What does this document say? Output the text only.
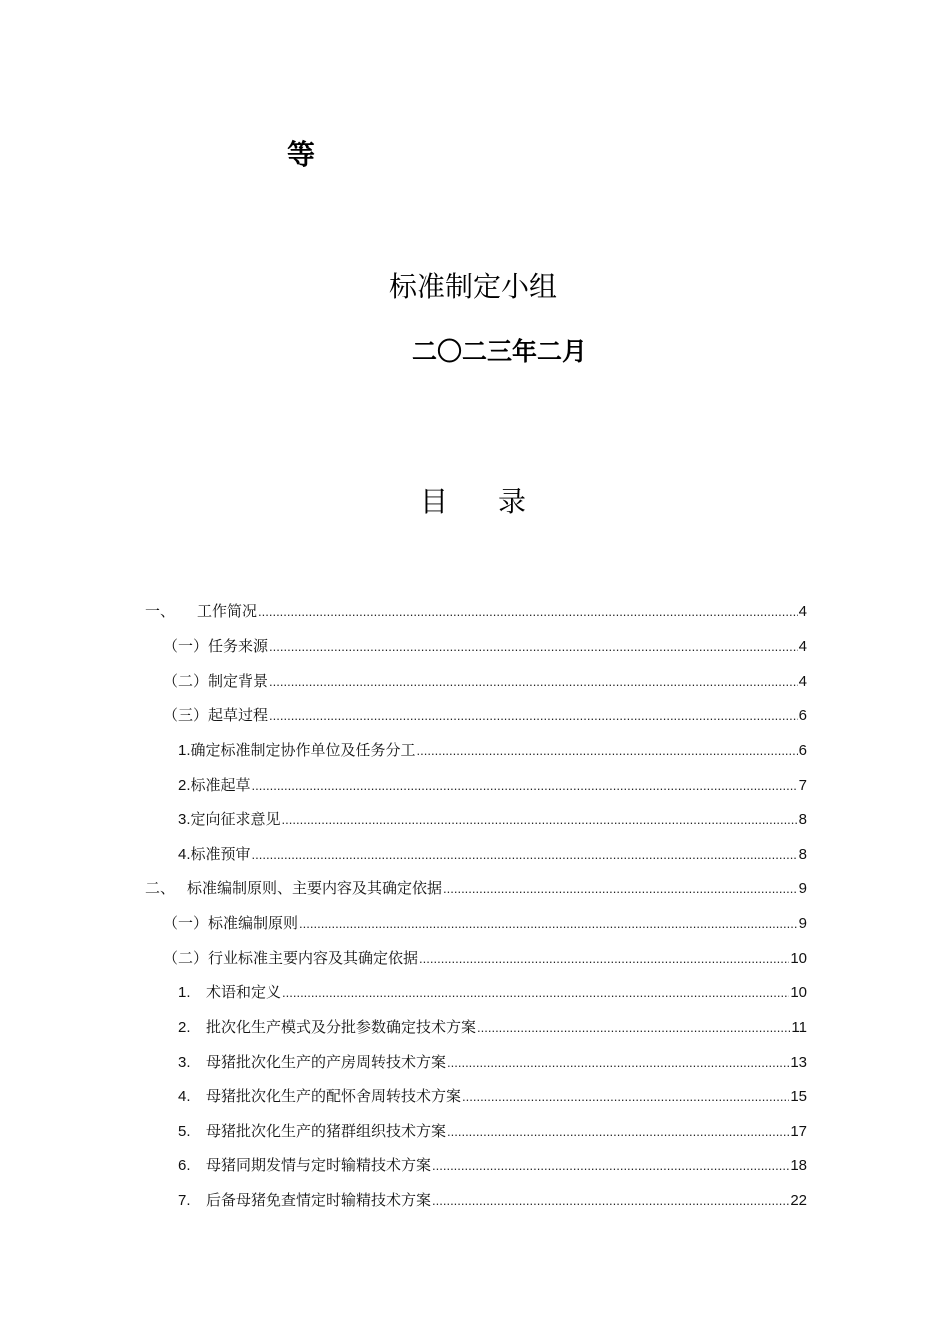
等
标准制定小组
二〇二三年二月
目 录
一、	工作简况 .....	4
（一） 任务来源 .....	4
（二） 制定背景 .....	4
（三） 起草过程 .....	6
1. 确定标准制定协作单位及任务分工 .....	6
2. 标准起草 .....	7
3. 定向征求意见 .....	8
4. 标准预审 .....	8
二、 标准编制原则、主要内容及其确定依据 .....	9
（一） 标准编制原则 .....	9
（二） 行业标准主要内容及其确定依据 .....	10
1.	术语和定义 .....	10
2.	批次化生产模式及分批参数确定技术方案 .....	11
3.	母猪批次化生产的产房周转技术方案 .....	13
4.	母猪批次化生产的配怀舍周转技术方案 .....	15
5.	母猪批次化生产的猪群组织技术方案 .....	17
6.	母猪同期发情与定时输精技术方案 .....	18
7.	后备母猪免查情定时输精技术方案 .....	22
